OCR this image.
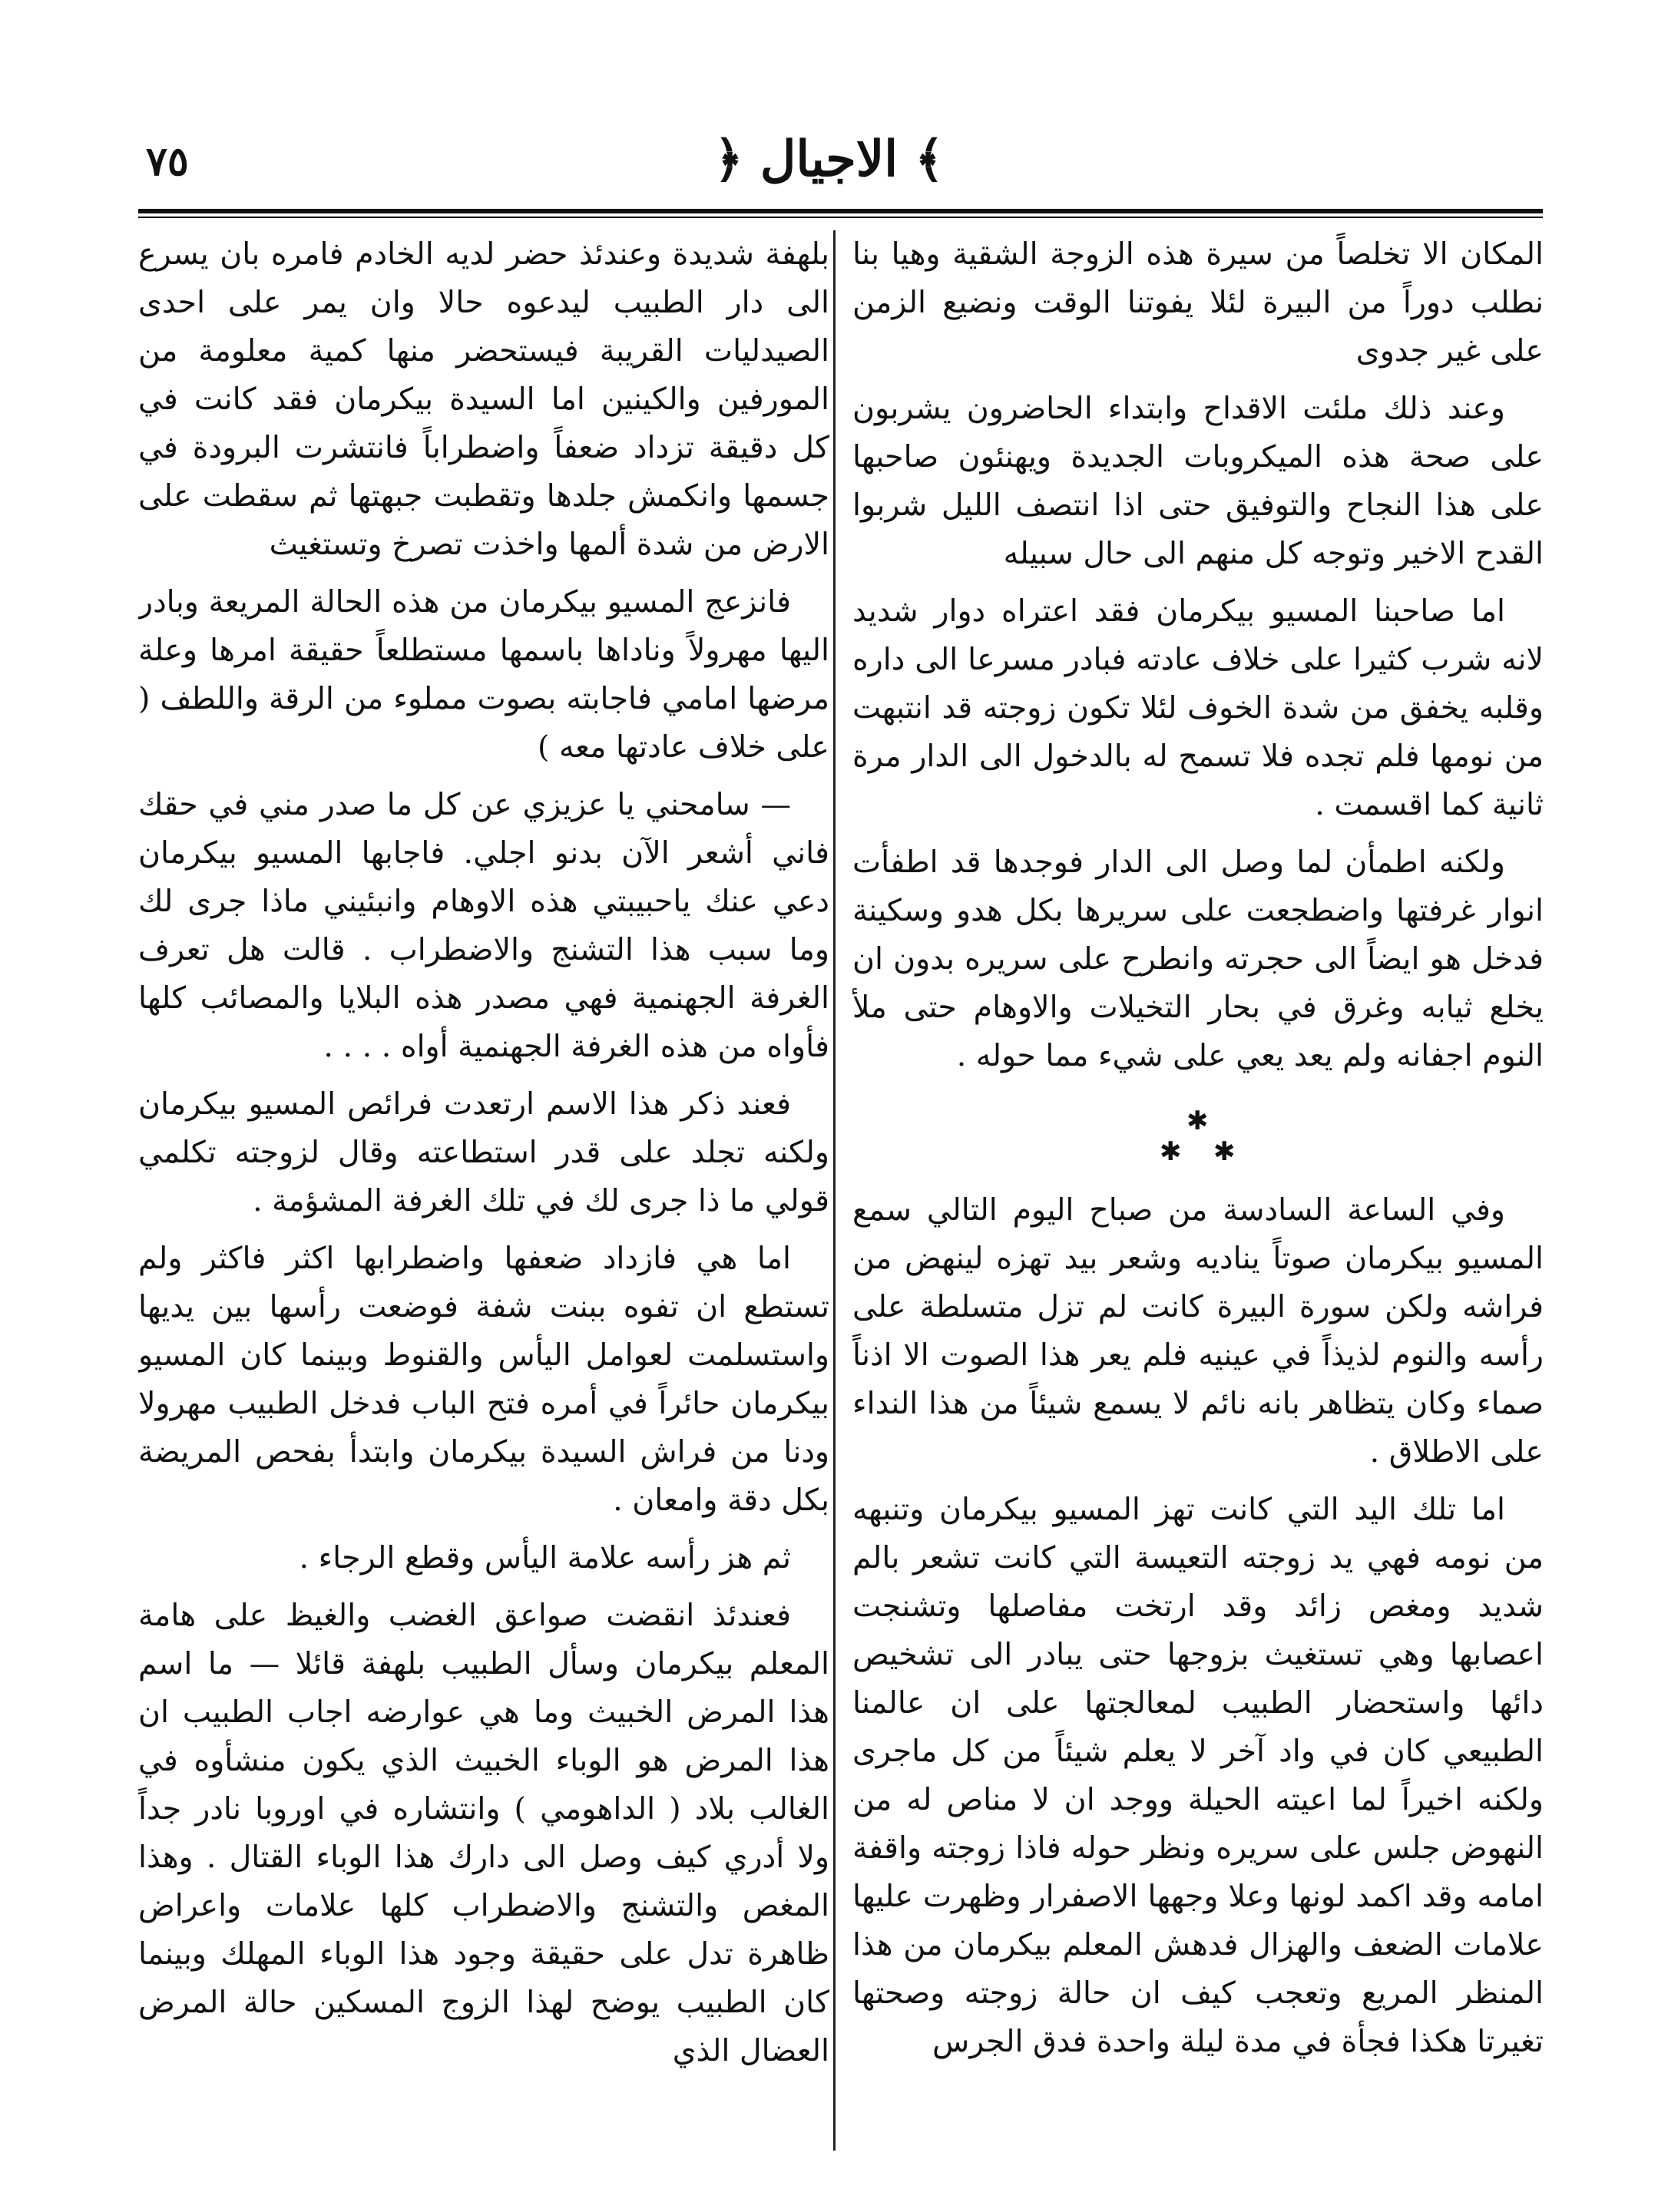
٧٥	﴿ الاجيال ﴾

المكان الا تخلصاً من سيرة هذه الزوجة الشقية وهيا بنا نطلب دوراً من البيرة لئلا يفوتنا الوقت ونضيع الزمن على غير جدوى

وعند ذلك ملئت الاقداح وابتداء الحاضرون يشربون على صحة هذه الميكروبات الجديدة ويهنئون صاحبها على هذا النجاح والتوفيق حتى اذا انتصف الليل شربوا القدح الاخير وتوجه كل منهم الى حال سبيله

اما صاحبنا المسيو بيكرمان فقد اعتراه دوار شديد لانه شرب كثيرا على خلاف عادته فبادر مسرعا الى داره وقلبه يخفق من شدة الخوف لئلا تكون زوجته قد انتبهت من نومها فلم تجده فلا تسمح له بالدخول الى الدار مرة ثانية كما اقسمت .

ولكنه اطمأن لما وصل الى الدار فوجدها قد اطفأت انوار غرفتها واضطجعت على سريرها بكل هدو وسكينة فدخل هو ايضاً الى حجرته وانطرح على سريره بدون ان يخلع ثيابه وغرق في بحار التخيلات والاوهام حتى ملأ النوم اجفانه ولم يعد يعي على شيء مما حوله .

✱
✱ ✱

وفي الساعة السادسة من صباح اليوم التالي سمع المسيو بيكرمان صوتاً يناديه وشعر بيد تهزه لينهض من فراشه ولكن سورة البيرة كانت لم تزل متسلطة على رأسه والنوم لذيذاً في عينيه فلم يعر هذا الصوت الا اذناً صماء وكان يتظاهر بانه نائم لا يسمع شيئاً من هذا النداء على الاطلاق .

اما تلك اليد التي كانت تهز المسيو بيكرمان وتنبهه من نومه فهي يد زوجته التعيسة التي كانت تشعر بالم شديد ومغص زائد وقد ارتخت مفاصلها وتشنجت اعصابها وهي تستغيث بزوجها حتى يبادر الى تشخيص دائها واستحضار الطبيب لمعالجتها على ان عالمنا الطبيعي كان في واد آخر لا يعلم شيئاً من كل ماجرى ولكنه اخيراً لما اعيته الحيلة ووجد ان لا مناص له من النهوض جلس على سريره ونظر حوله فاذا زوجته واقفة امامه وقد اكمد لونها وعلا وجهها الاصفرار وظهرت عليها علامات الضعف والهزال فدهش المعلم بيكرمان من هذا المنظر المريع وتعجب كيف ان حالة زوجته وصحتها تغيرتا هكذا فجأة في مدة ليلة واحدة فدق الجرس

بلهفة شديدة وعندئذ حضر لديه الخادم فامره بان يسرع الى دار الطبيب ليدعوه حالا وان يمر على احدى الصيدليات القريبة فيستحضر منها كمية معلومة من المورفين والكينين اما السيدة بيكرمان فقد كانت في كل دقيقة تزداد ضعفاً واضطراباً فانتشرت البرودة في جسمها وانكمش جلدها وتقطبت جبهتها ثم سقطت على الارض من شدة ألمها واخذت تصرخ وتستغيث

فانزعج المسيو بيكرمان من هذه الحالة المريعة وبادر اليها مهرولاً وناداها باسمها مستطلعاً حقيقة امرها وعلة مرضها امامي فاجابته بصوت مملوء من الرقة واللطف ( على خلاف عادتها معه )

— سامحني يا عزيزي عن كل ما صدر مني في حقك فاني أشعر الآن بدنو اجلي. فاجابها المسيو بيكرمان دعي عنك ياحبيبتي هذه الاوهام وانبئيني ماذا جرى لك وما سبب هذا التشنج والاضطراب . قالت هل تعرف الغرفة الجهنمية فهي مصدر هذه البلايا والمصائب كلها فأواه من هذه الغرفة الجهنمية أواه . . . .

فعند ذكر هذا الاسم ارتعدت فرائص المسيو بيكرمان ولكنه تجلد على قدر استطاعته وقال لزوجته تكلمي قولي ما ذا جرى لك في تلك الغرفة المشؤمة .

اما هي فازداد ضعفها واضطرابها اكثر فاكثر ولم تستطع ان تفوه ببنت شفة فوضعت رأسها بين يديها واستسلمت لعوامل اليأس والقنوط وبينما كان المسيو بيكرمان حائراً في أمره فتح الباب فدخل الطبيب مهرولا ودنا من فراش السيدة بيكرمان وابتدأ بفحص المريضة بكل دقة وامعان .

ثم هز رأسه علامة اليأس وقطع الرجاء .

فعندئذ انقضت صواعق الغضب والغيظ على هامة المعلم بيكرمان وسأل الطبيب بلهفة قائلا — ما اسم هذا المرض الخبيث وما هي عوارضه اجاب الطبيب ان هذا المرض هو الوباء الخبيث الذي يكون منشأوه في الغالب بلاد ( الداهومي ) وانتشاره في اوروبا نادر جداً ولا أدري كيف وصل الى دارك هذا الوباء القتال . وهذا المغص والتشنج والاضطراب كلها علامات واعراض ظاهرة تدل على حقيقة وجود هذا الوباء المهلك وبينما كان الطبيب يوضح لهذا الزوج المسكين حالة المرض العضال الذي
